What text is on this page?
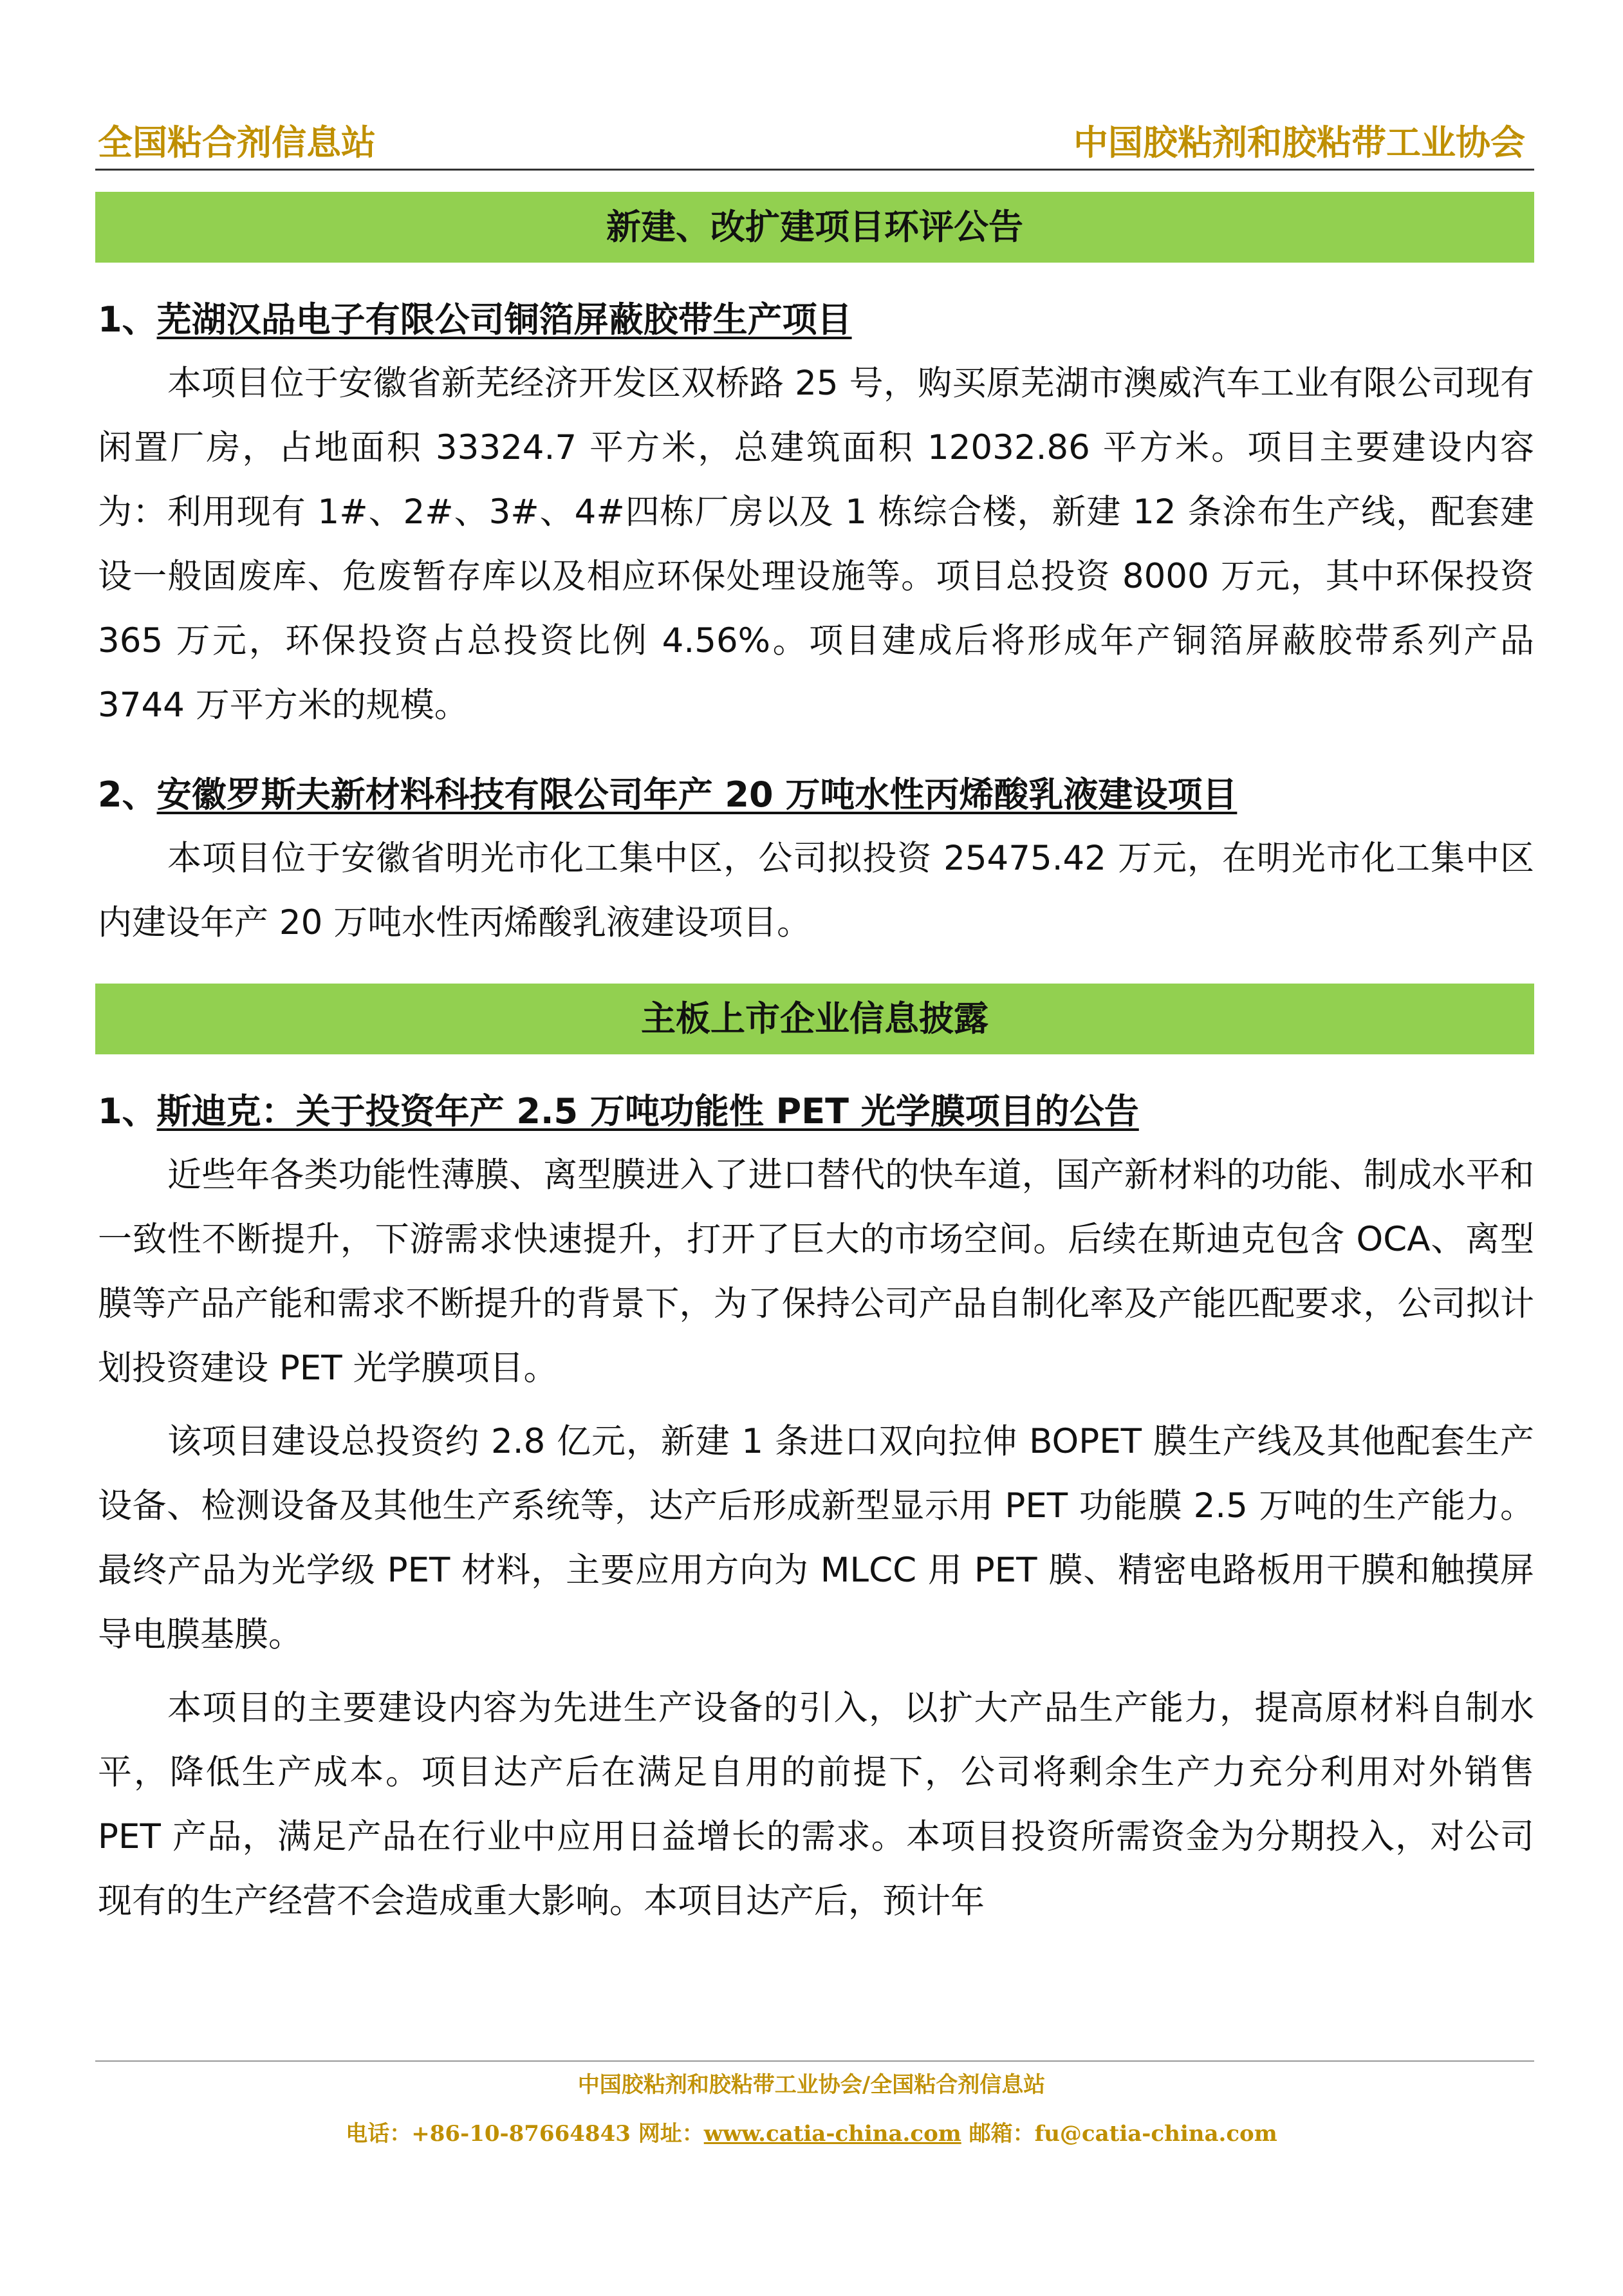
全国粘合剂信息站	中国胶粘剂和胶粘带工业协会
新建、改扩建项目环评公告
1、芜湖汉品电子有限公司铜箔屏蔽胶带生产项目
本项目位于安徽省新芜经济开发区双桥路 25 号，购买原芜湖市澳威汽车工业有限公司现有闲置厂房，占地面积 33324.7 平方米，总建筑面积 12032.86 平方米。项目主要建设内容为：利用现有 1#、2#、3#、4#四栋厂房以及 1 栋综合楼，新建 12 条涂布生产线，配套建设一般固废库、危废暂存库以及相应环保处理设施等。项目总投资 8000 万元，其中环保投资 365 万元，环保投资占总投资比例 4.56%。项目建成后将形成年产铜箔屏蔽胶带系列产品 3744 万平方米的规模。
2、安徽罗斯夫新材料科技有限公司年产 20 万吨水性丙烯酸乳液建设项目
本项目位于安徽省明光市化工集中区，公司拟投资 25475.42 万元，在明光市化工集中区内建设年产 20 万吨水性丙烯酸乳液建设项目。
主板上市企业信息披露
1、斯迪克：关于投资年产 2.5 万吨功能性 PET 光学膜项目的公告
近些年各类功能性薄膜、离型膜进入了进口替代的快车道，国产新材料的功能、制成水平和一致性不断提升，下游需求快速提升，打开了巨大的市场空间。后续在斯迪克包含 OCA、离型膜等产品产能和需求不断提升的背景下，为了保持公司产品自制化率及产能匹配要求，公司拟计划投资建设 PET 光学膜项目。
该项目建设总投资约 2.8 亿元，新建 1 条进口双向拉伸 BOPET 膜生产线及其他配套生产设备、检测设备及其他生产系统等，达产后形成新型显示用 PET 功能膜 2.5 万吨的生产能力。最终产品为光学级 PET 材料，主要应用方向为 MLCC 用 PET 膜、精密电路板用干膜和触摸屏导电膜基膜。
本项目的主要建设内容为先进生产设备的引入，以扩大产品生产能力，提高原材料自制水平，降低生产成本。项目达产后在满足自用的前提下，公司将剩余生产力充分利用对外销售 PET 产品，满足产品在行业中应用日益增长的需求。本项目投资所需资金为分期投入，对公司现有的生产经营不会造成重大影响。本项目达产后，预计年
中国胶粘剂和胶粘带工业协会/全国粘合剂信息站
电话：+86-10-87664843 网址：www.catia-china.com 邮箱：fu@catia-china.com
